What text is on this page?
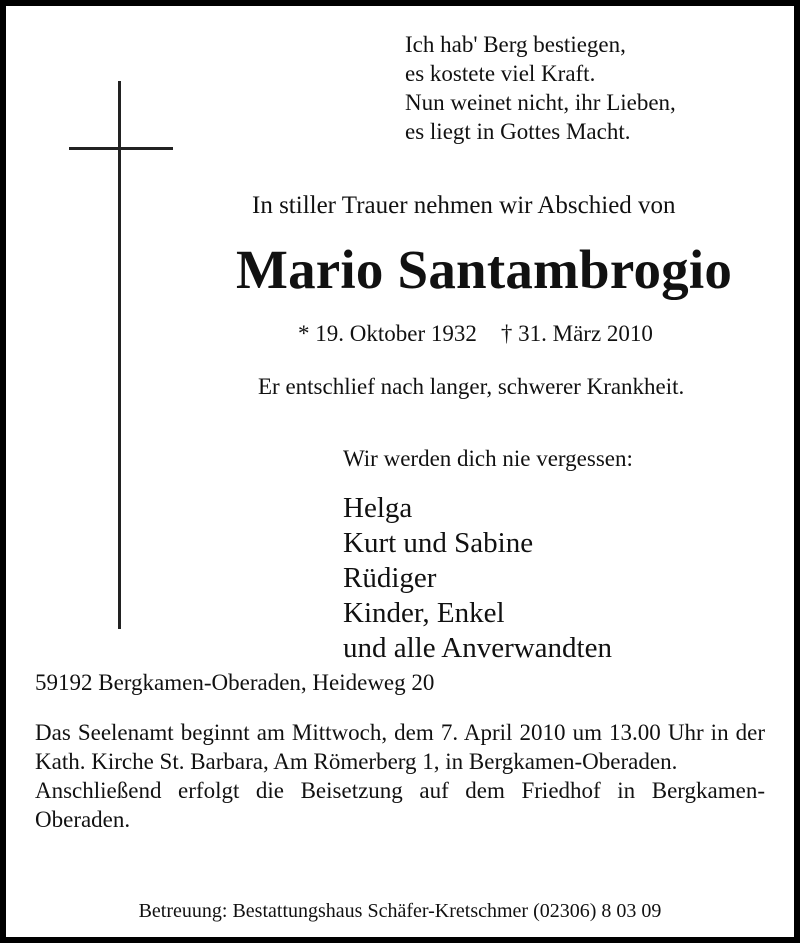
Ich hab' Berg bestiegen,
es kostete viel Kraft.
Nun weinet nicht, ihr Lieben,
es liegt in Gottes Macht.
In stiller Trauer nehmen wir Abschied von
Mario Santambrogio
* 19. Oktober 1932 † 31. März 2010
Er entschlief nach langer, schwerer Krankheit.
Wir werden dich nie vergessen:
Helga
Kurt und Sabine
Rüdiger
Kinder, Enkel
und alle Anverwandten
59192 Bergkamen-Oberaden, Heideweg 20

Das Seelenamt beginnt am Mittwoch, dem 7. April 2010 um 13.00 Uhr in der Kath. Kirche St. Barbara, Am Römerberg 1, in Bergkamen-Oberaden.

Anschließend erfolgt die Beisetzung auf dem Friedhof in Bergkamen-Oberaden.

Betreuung: Bestattungshaus Schäfer-Kretschmer (02306) 8 03 09
